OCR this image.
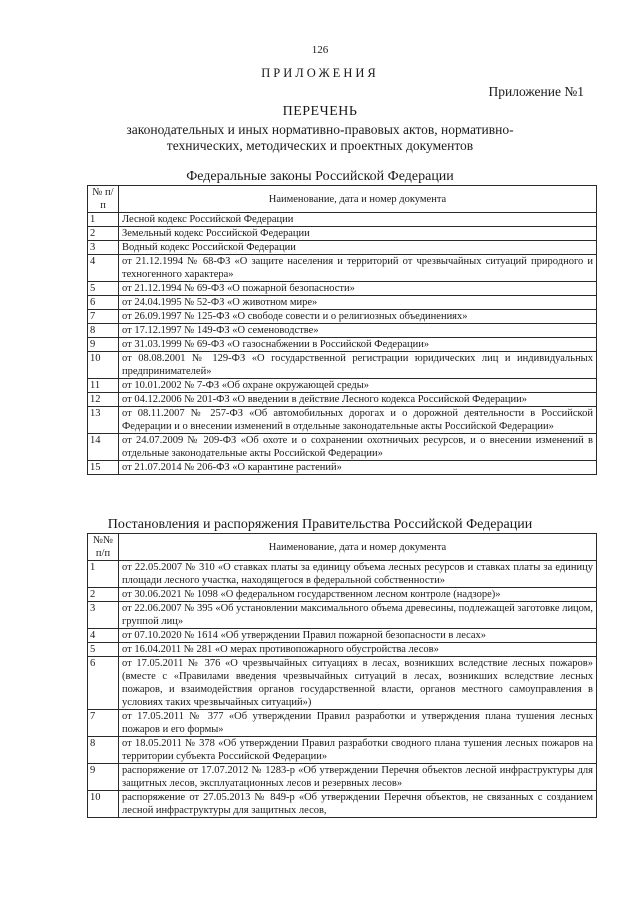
126
ПРИЛОЖЕНИЯ
Приложение №1
ПЕРЕЧЕНЬ
законодательных и иных нормативно-правовых актов, нормативно-технических, методических и проектных документов
Федеральные законы Российской Федерации
№ п/п	Наименование, дата и номер документа
1	Лесной кодекс Российской Федерации
2	Земельный кодекс Российской Федерации
3	Водный кодекс Российской Федерации
4	от 21.12.1994 № 68-ФЗ «О защите населения и территорий от чрезвычайных ситуаций природного и техногенного характера»
5	от 21.12.1994 № 69-ФЗ «О пожарной безопасности»
6	от 24.04.1995 № 52-ФЗ «О животном мире»
7	от 26.09.1997 № 125-ФЗ «О свободе совести и о религиозных объединениях»
8	от 17.12.1997 № 149-ФЗ «О семеноводстве»
9	от 31.03.1999 № 69-ФЗ «О газоснабжении в Российской Федерации»
10	от 08.08.2001 № 129-ФЗ «О государственной регистрации юридических лиц и индивидуальных предпринимателей»
11	от 10.01.2002 № 7-ФЗ «Об охране окружающей среды»
12	от 04.12.2006 № 201-ФЗ «О введении в действие Лесного кодекса Российской Федерации»
13	от 08.11.2007 № 257-ФЗ «Об автомобильных дорогах и о дорожной деятельности в Российской Федерации и о внесении изменений в отдельные законодательные акты Российской Федерации»
14	от 24.07.2009 № 209-ФЗ «Об охоте и о сохранении охотничьих ресурсов, и о внесении изменений в отдельные законодательные акты Российской Федерации»
15	от 21.07.2014 № 206-ФЗ «О карантине растений»
Постановления и распоряжения Правительства Российской Федерации
№№ п/п	Наименование, дата и номер документа
1	от 22.05.2007 № 310 «О ставках платы за единицу объема лесных ресурсов и ставках платы за единицу площади лесного участка, находящегося в федеральной собственности»
2	от 30.06.2021 № 1098 «О федеральном государственном лесном контроле (надзоре)»
3	от 22.06.2007 № 395 «Об установлении максимального объема древесины, подлежащей заготовке лицом, группой лиц»
4	от 07.10.2020 № 1614 «Об утверждении Правил пожарной безопасности в лесах»
5	от 16.04.2011 № 281 «О мерах противопожарного обустройства лесов»
6	от 17.05.2011 № 376 «О чрезвычайных ситуациях в лесах, возникших вследствие лесных пожаров» (вместе с «Правилами введения чрезвычайных ситуаций в лесах, возникших вследствие лесных пожаров, и взаимодействия органов государственной власти, органов местного самоуправления в условиях таких чрезвычайных ситуаций»)
7	от 17.05.2011 № 377 «Об утверждении Правил разработки и утверждения плана тушения лесных пожаров и его формы»
8	от 18.05.2011 № 378 «Об утверждении Правил разработки сводного плана тушения лесных пожаров на территории субъекта Российской Федерации»
9	распоряжение от 17.07.2012 № 1283-р «Об утверждении Перечня объектов лесной инфраструктуры для защитных лесов, эксплуатационных лесов и резервных лесов»
10	распоряжение от 27.05.2013 № 849-р «Об утверждении Перечня объектов, не связанных с созданием лесной инфраструктуры для защитных лесов,
